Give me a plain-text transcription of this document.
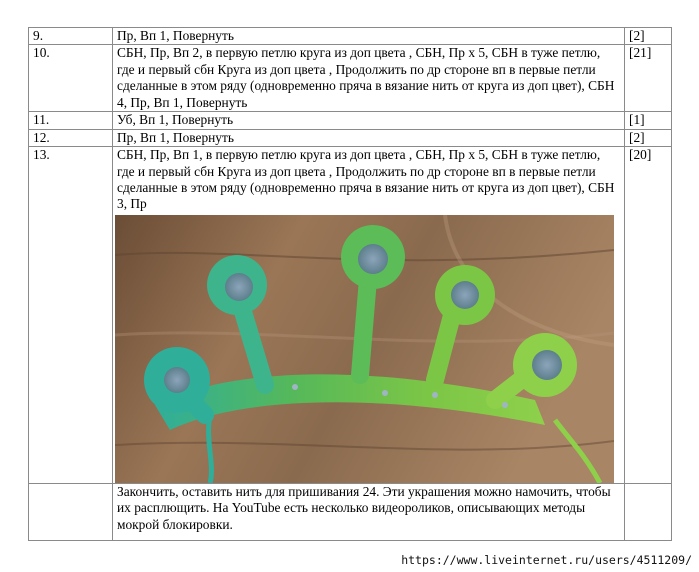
9.	Пр, Вп 1, Повернуть	[2]
10.	СБН, Пр, Вп 2, в первую петлю круга из доп цвета , СБН, Пр х 5, СБН в туже петлю, где и первый сбн Круга из доп цвета , Продолжить по др стороне вп в первые петли сделанные в этом ряду (одновременно пряча в вязание нить от круга из доп цвет), СБН 4, Пр, Вп 1, Повернуть	[21]
11.	Уб, Вп 1, Повернуть	[1]
12.	Пр, Вп 1, Повернуть	[2]
13.	СБН, Пр, Вп 1, в первую петлю круга из доп цвета , СБН, Пр х 5, СБН в туже петлю, где и первый сбн Круга из доп цвета , Продолжить по др стороне вп в первые петли сделанные в этом ряду (одновременно пряча в вязание нить от круга из доп цвет), СБН 3, Пр	[20]
	Закончить, оставить нить для пришивания 24. Эти украшения можно намочить, чтобы их расплющить. На YouTube есть несколько видеороликов, описывающих методы мокрой блокировки.	
https://www.liveinternet.ru/users/4511209/
